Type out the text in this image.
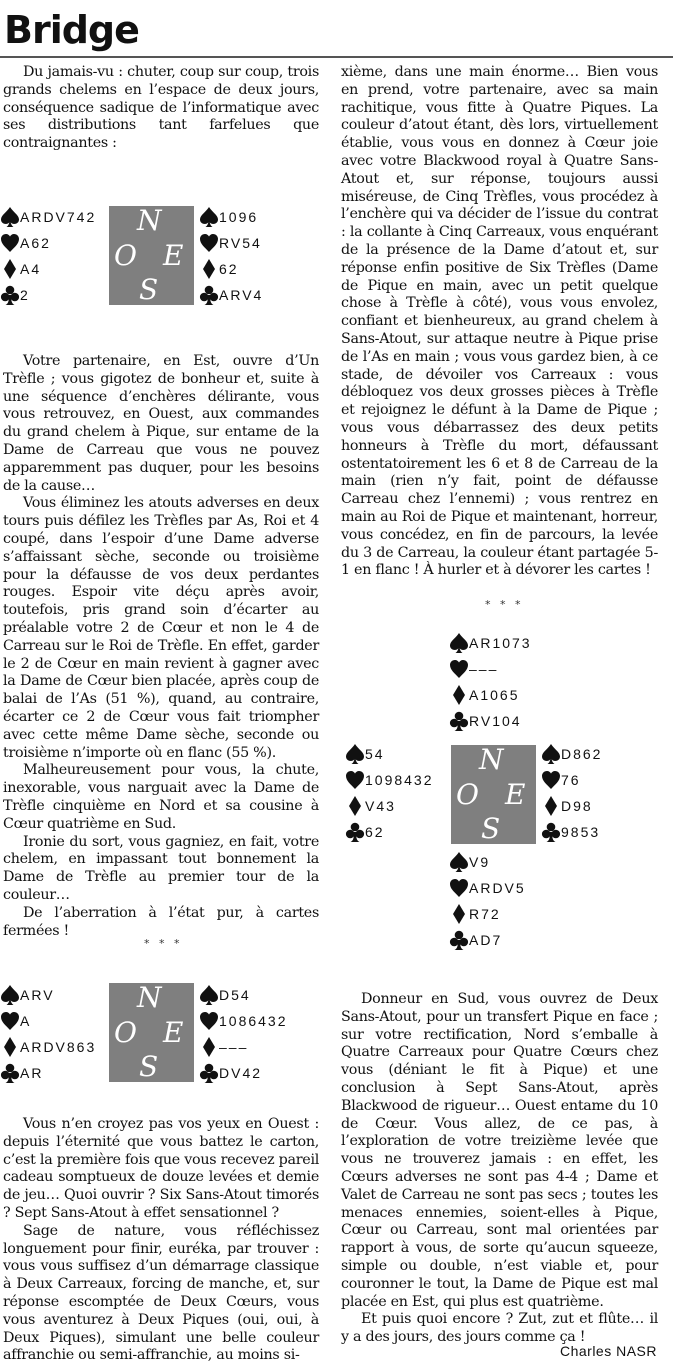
Bridge

Du jamais-vu : chuter, coup sur coup, trois grands chelems en l’espace de deux jours, conséquence sadique de l’informatique avec ses distributions tant farfelues que contraignantes :

ARDV742
A62
A4
2
N
O E
S
1096
RV54
62
ARV4

Votre partenaire, en Est, ouvre d’Un Trèfle ; vous gigotez de bonheur et, suite à une séquence d’enchères délirante, vous vous retrouvez, en Ouest, aux commandes du grand chelem à Pique, sur entame de la Dame de Carreau que vous ne pouvez apparemment pas duquer, pour les besoins de la cause…

Vous éliminez les atouts adverses en deux tours puis défilez les Trèfles par As, Roi et 4 coupé, dans l’espoir d’une Dame adverse s’affaissant sèche, seconde ou troisième pour la défausse de vos deux perdantes rouges. Espoir vite déçu après avoir, toutefois, pris grand soin d’écarter au préalable votre 2 de Cœur et non le 4 de Carreau sur le Roi de Trèfle. En effet, garder le 2 de Cœur en main revient à gagner avec la Dame de Cœur bien placée, après coup de balai de l’As (51 %), quand, au contraire, écarter ce 2 de Cœur vous fait triompher avec cette même Dame sèche, seconde ou troisième n’importe où en flanc (55 %).

Malheureusement pour vous, la chute, inexorable, vous narguait avec la Dame de Trèfle cinquième en Nord et sa cousine à Cœur quatrième en Sud.

Ironie du sort, vous gagniez, en fait, votre chelem, en impassant tout bonnement la Dame de Trèfle au premier tour de la couleur…

De l’aberration à l’état pur, à cartes fermées !

* * *
ARV
A
ARDV863
AR
N
O E
S
D54
1086432
–––
DV42

Vous n’en croyez pas vos yeux en Ouest : depuis l’éternité que vous battez le carton, c’est la première fois que vous recevez pareil cadeau somptueux de douze levées et demie de jeu… Quoi ouvrir ? Six Sans-Atout timorés ? Sept Sans-Atout à effet sensationnel ?

Sage de nature, vous réfléchissez longuement pour finir, euréka, par trouver : vous vous suffisez d’un démarrage classique à Deux Carreaux, forcing de manche, et, sur réponse escomptée de Deux Cœurs, vous vous aventurez à Deux Piques (oui, oui, à Deux Piques), simulant une belle couleur affranchie ou semi-affranchie, au moins si-

xième, dans une main énorme… Bien vous en prend, votre partenaire, avec sa main rachitique, vous fitte à Quatre Piques. La couleur d’atout étant, dès lors, virtuellement établie, vous vous en donnez à Cœur joie avec votre Blackwood royal à Quatre Sans-Atout et, sur réponse, toujours aussi miséreuse, de Cinq Trèfles, vous procédez à l’enchère qui va décider de l’issue du contrat : la collante à Cinq Carreaux, vous enquérant de la présence de la Dame d’atout et, sur réponse enfin positive de Six Trèfles (Dame de Pique en main, avec un petit quelque chose à Trèfle à côté), vous vous envolez, confiant et bienheureux, au grand chelem à Sans-Atout, sur attaque neutre à Pique prise de l’As en main ; vous vous gardez bien, à ce stade, de dévoiler vos Carreaux : vous débloquez vos deux grosses pièces à Trèfle et rejoignez le défunt à la Dame de Pique ; vous vous débarrassez des deux petits honneurs à Trèfle du mort, défaussant ostentatoirement les 6 et 8 de Carreau de la main (rien n’y fait, point de défausse Carreau chez l’ennemi) ; vous rentrez en main au Roi de Pique et maintenant, horreur, vous concédez, en fin de parcours, la levée du 3 de Carreau, la couleur étant partagée 5-1 en flanc ! À hurler et à dévorer les cartes !

* * *
AR1073
–––
A1065
RV104
54
1098432
V43
62
N
O E
S
D862
76
D98
9853
V9
ARDV5
R72
AD7

Donneur en Sud, vous ouvrez de Deux Sans-Atout, pour un transfert Pique en face ; sur votre rectification, Nord s’emballe à Quatre Carreaux pour Quatre Cœurs chez vous (déniant le fit à Pique) et une conclusion à Sept Sans-Atout, après Blackwood de rigueur… Ouest entame du 10 de Cœur. Vous allez, de ce pas, à l’exploration de votre treizième levée que vous ne trouverez jamais : en effet, les Cœurs adverses ne sont pas 4-4 ; Dame et Valet de Carreau ne sont pas secs ; toutes les menaces ennemies, soient-elles à Pique, Cœur ou Carreau, sont mal orientées par rapport à vous, de sorte qu’aucun squeeze, simple ou double, n’est viable et, pour couronner le tout, la Dame de Pique est mal placée en Est, qui plus est quatrième.

Et puis quoi encore ? Zut, zut et flûte… il y a des jours, des jours comme ça !

Charles NASR
